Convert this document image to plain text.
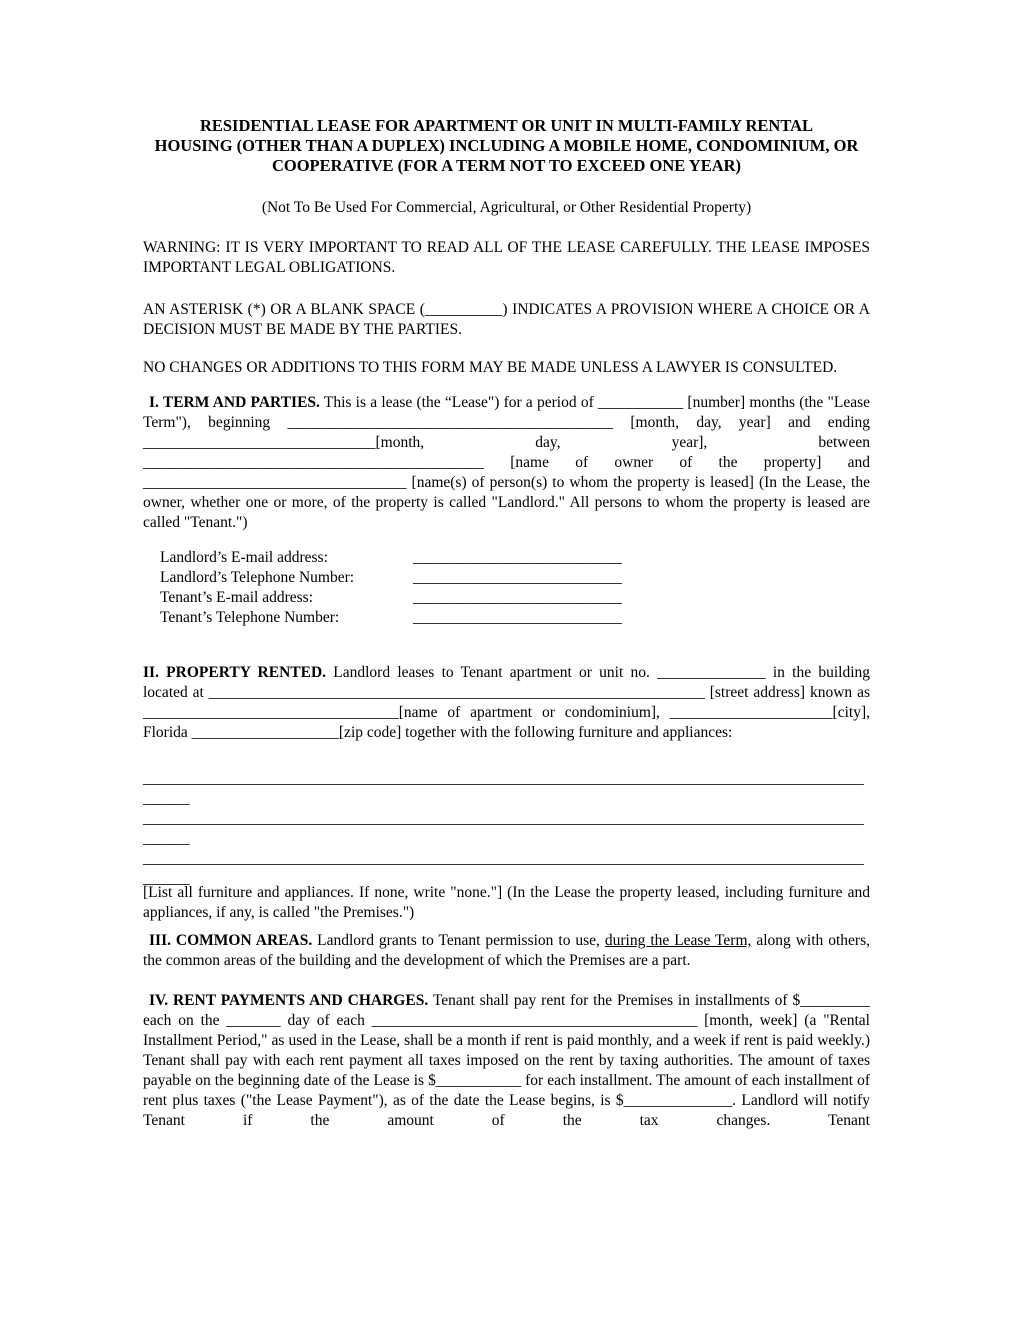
RESIDENTIAL LEASE FOR APARTMENT OR UNIT IN MULTI-FAMILY RENTAL
HOUSING (OTHER THAN A DUPLEX) INCLUDING A MOBILE HOME, CONDOMINIUM, OR
COOPERATIVE (FOR A TERM NOT TO EXCEED ONE YEAR)

(Not To Be Used For Commercial, Agricultural, or Other Residential Property)

WARNING: IT IS VERY IMPORTANT TO READ ALL OF THE LEASE CAREFULLY. THE LEASE IMPOSES IMPORTANT LEGAL OBLIGATIONS.

AN ASTERISK (*) OR A BLANK SPACE (__________) INDICATES A PROVISION WHERE A CHOICE OR A DECISION MUST BE MADE BY THE PARTIES.

NO CHANGES OR ADDITIONS TO THIS FORM MAY BE MADE UNLESS A LAWYER IS CONSULTED.

I. TERM AND PARTIES. This is a lease (the “Lease") for a period of ___________ [number] months (the "Lease Term"), beginning __________________________________________ [month, day, year] and ending ______________________________[month, day, year], between ____________________________________________ [name of owner of the property] and __________________________________ [name(s) of person(s) to whom the property is leased] (In the Lease, the owner, whether one or more, of the property is called "Landlord." All persons to whom the property is leased are called "Tenant.")

Landlord’s E-mail address:	___________________________
Landlord’s Telephone Number:	___________________________
Tenant’s E-mail address:	___________________________
Tenant’s Telephone Number:	___________________________

II. PROPERTY RENTED. Landlord leases to Tenant apartment or unit no. ______________ in the building located at ________________________________________________________________ [street address] known as _________________________________[name of apartment or condominium], _____________________[city], Florida ___________________[zip code] together with the following furniture and appliances:

___________________________________________________________________________________________________

___________________________________________________________________________________________________

___________________________________________________________________________________________________

[List all furniture and appliances. If none, write "none."] (In the Lease the property leased, including furniture and appliances, if any, is called "the Premises.")

III. COMMON AREAS. Landlord grants to Tenant permission to use, during the Lease Term, along with others, the common areas of the building and the development of which the Premises are a part.

IV. RENT PAYMENTS AND CHARGES. Tenant shall pay rent for the Premises in installments of $_________ each on the _______ day of each __________________________________________ [month, week] (a "Rental Installment Period," as used in the Lease, shall be a month if rent is paid monthly, and a week if rent is paid weekly.) Tenant shall pay with each rent payment all taxes imposed on the rent by taxing authorities. The amount of taxes payable on the beginning date of the Lease is $___________ for each installment. The amount of each installment of rent plus taxes ("the Lease Payment"), as of the date the Lease begins, is $______________. Landlord will notify Tenant if the amount of the tax changes. Tenant
